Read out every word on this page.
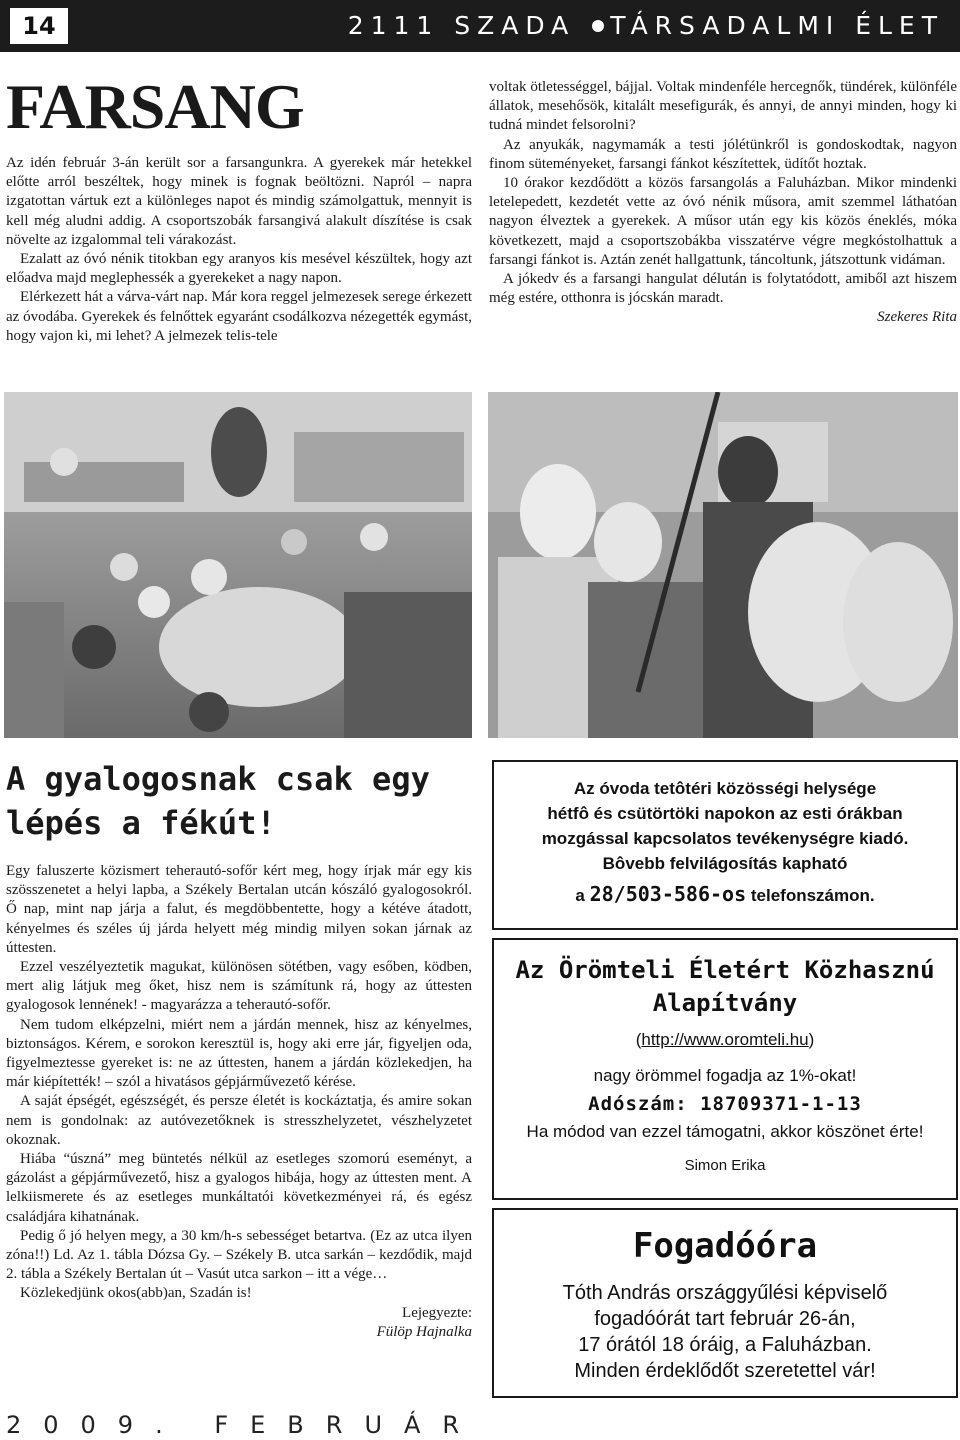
14	2111 SZADA TÁRSADALMI ÉLET
FARSANG

Az idén február 3-án került sor a farsangunkra. A gyerekek már hetekkel előtte arról beszéltek, hogy minek is fognak beöltözni. Napról – napra izgatottan vártuk ezt a különleges napot és mindig számolgattuk, mennyit is kell még aludni addig. A csoportszobák farsangivá alakult díszítése is csak növelte az izgalommal teli várakozást.

Ezalatt az óvó nénik titokban egy aranyos kis mesével készültek, hogy azt előadva majd meglephessék a gyerekeket a nagy napon.

Elérkezett hát a várva-várt nap. Már kora reggel jelmezesek serege érkezett az óvodába. Gyerekek és felnőttek egyaránt csodálkozva nézegették egymást, hogy vajon ki, mi lehet? A jelmezek telis-tele

voltak ötletességgel, bájjal. Voltak mindenféle hercegnők, tündérek, különféle állatok, mesehősök, kitalált mesefigurák, és annyi, de annyi minden, hogy ki tudná mindet felsorolni?

Az anyukák, nagymamák a testi jólétünkről is gondoskodtak, nagyon finom süteményeket, farsangi fánkot készítettek, üdítőt hoztak.

10 órakor kezdődött a közös farsangolás a Faluházban. Mikor mindenki letelepedett, kezdetét vette az óvó nénik műsora, amit szemmel láthatóan nagyon élveztek a gyerekek. A műsor után egy kis közös éneklés, móka következett, majd a csoportszobákba visszatérve végre megkóstolhattuk a farsangi fánkot is. Aztán zenét hallgattunk, táncoltunk, játszottunk vidáman.

A jókedv és a farsangi hangulat délután is folytatódott, amiből azt hiszem még estére, otthonra is jócskán maradt.

Szekeres Rita

A gyalogosnak csak egy lépés a fékút!

Egy faluszerte közismert teherautó-sofőr kért meg, hogy írjak már egy kis szösszenetet a helyi lapba, a Székely Bertalan utcán kószáló gyalogosokról. Ő nap, mint nap járja a falut, és megdöbbentette, hogy a kétéve átadott, kényelmes és széles új járda helyett még mindig milyen sokan járnak az úttesten.

Ezzel veszélyeztetik magukat, különösen sötétben, vagy esőben, ködben, mert alig látjuk meg őket, hisz nem is számítunk rá, hogy az úttesten gyalogosok lennének! - magyarázza a teherautó-sofőr.

Nem tudom elképzelni, miért nem a járdán mennek, hisz az kényelmes, biztonságos. Kérem, e sorokon keresztül is, hogy aki erre jár, figyeljen oda, figyelmeztesse gyereket is: ne az úttesten, hanem a járdán közlekedjen, ha már kiépítették! – szól a hivatásos gépjárművezető kérése.

A saját épségét, egészségét, és persze életét is kockáztatja, és amire sokan nem is gondolnak: az autóvezetőknek is stresszhelyzetet, vészhelyzetet okoznak.

Hiába “úszná” meg büntetés nélkül az esetleges szomorú eseményt, a gázolást a gépjárművezető, hisz a gyalogos hibája, hogy az úttesten ment. A lelkiismerete és az esetleges munkáltatói következményei rá, és egész családjára kihatnának.

Pedig ő jó helyen megy, a 30 km/h-s sebességet betartva. (Ez az utca ilyen zóna!!) Ld. Az 1. tábla Dózsa Gy. – Székely B. utca sarkán – kezdődik, majd 2. tábla a Székely Bertalan út – Vasút utca sarkon – itt a vége…

Közlekedjünk okos(abb)an, Szadán is!

Lejegyezte:

Fülöp Hajnalka

Az óvoda tetôtéri közösségi helysége
hétfô és csütörtöki napokon az esti órákban
mozgással kapcsolatos tevékenységre kiadó.
Bôvebb felvilágosítás kapható
a 28/503-586-os telefonszámon.
Az Örömteli Életért Közhasznú Alapítvány
(http://www.oromteli.hu)
nagy örömmel fogadja az 1%-okat!
Adószám: 18709371-1-13
Ha módod van ezzel támogatni, akkor köszönet érte!
Simon Erika
Fogadóóra
Tóth András országgyűlési képviselő
fogadóórát tart február 26-án,
17 órától 18 óráig, a Faluházban.
Minden érdeklődőt szeretettel vár!
2009. FEBRUÁR
